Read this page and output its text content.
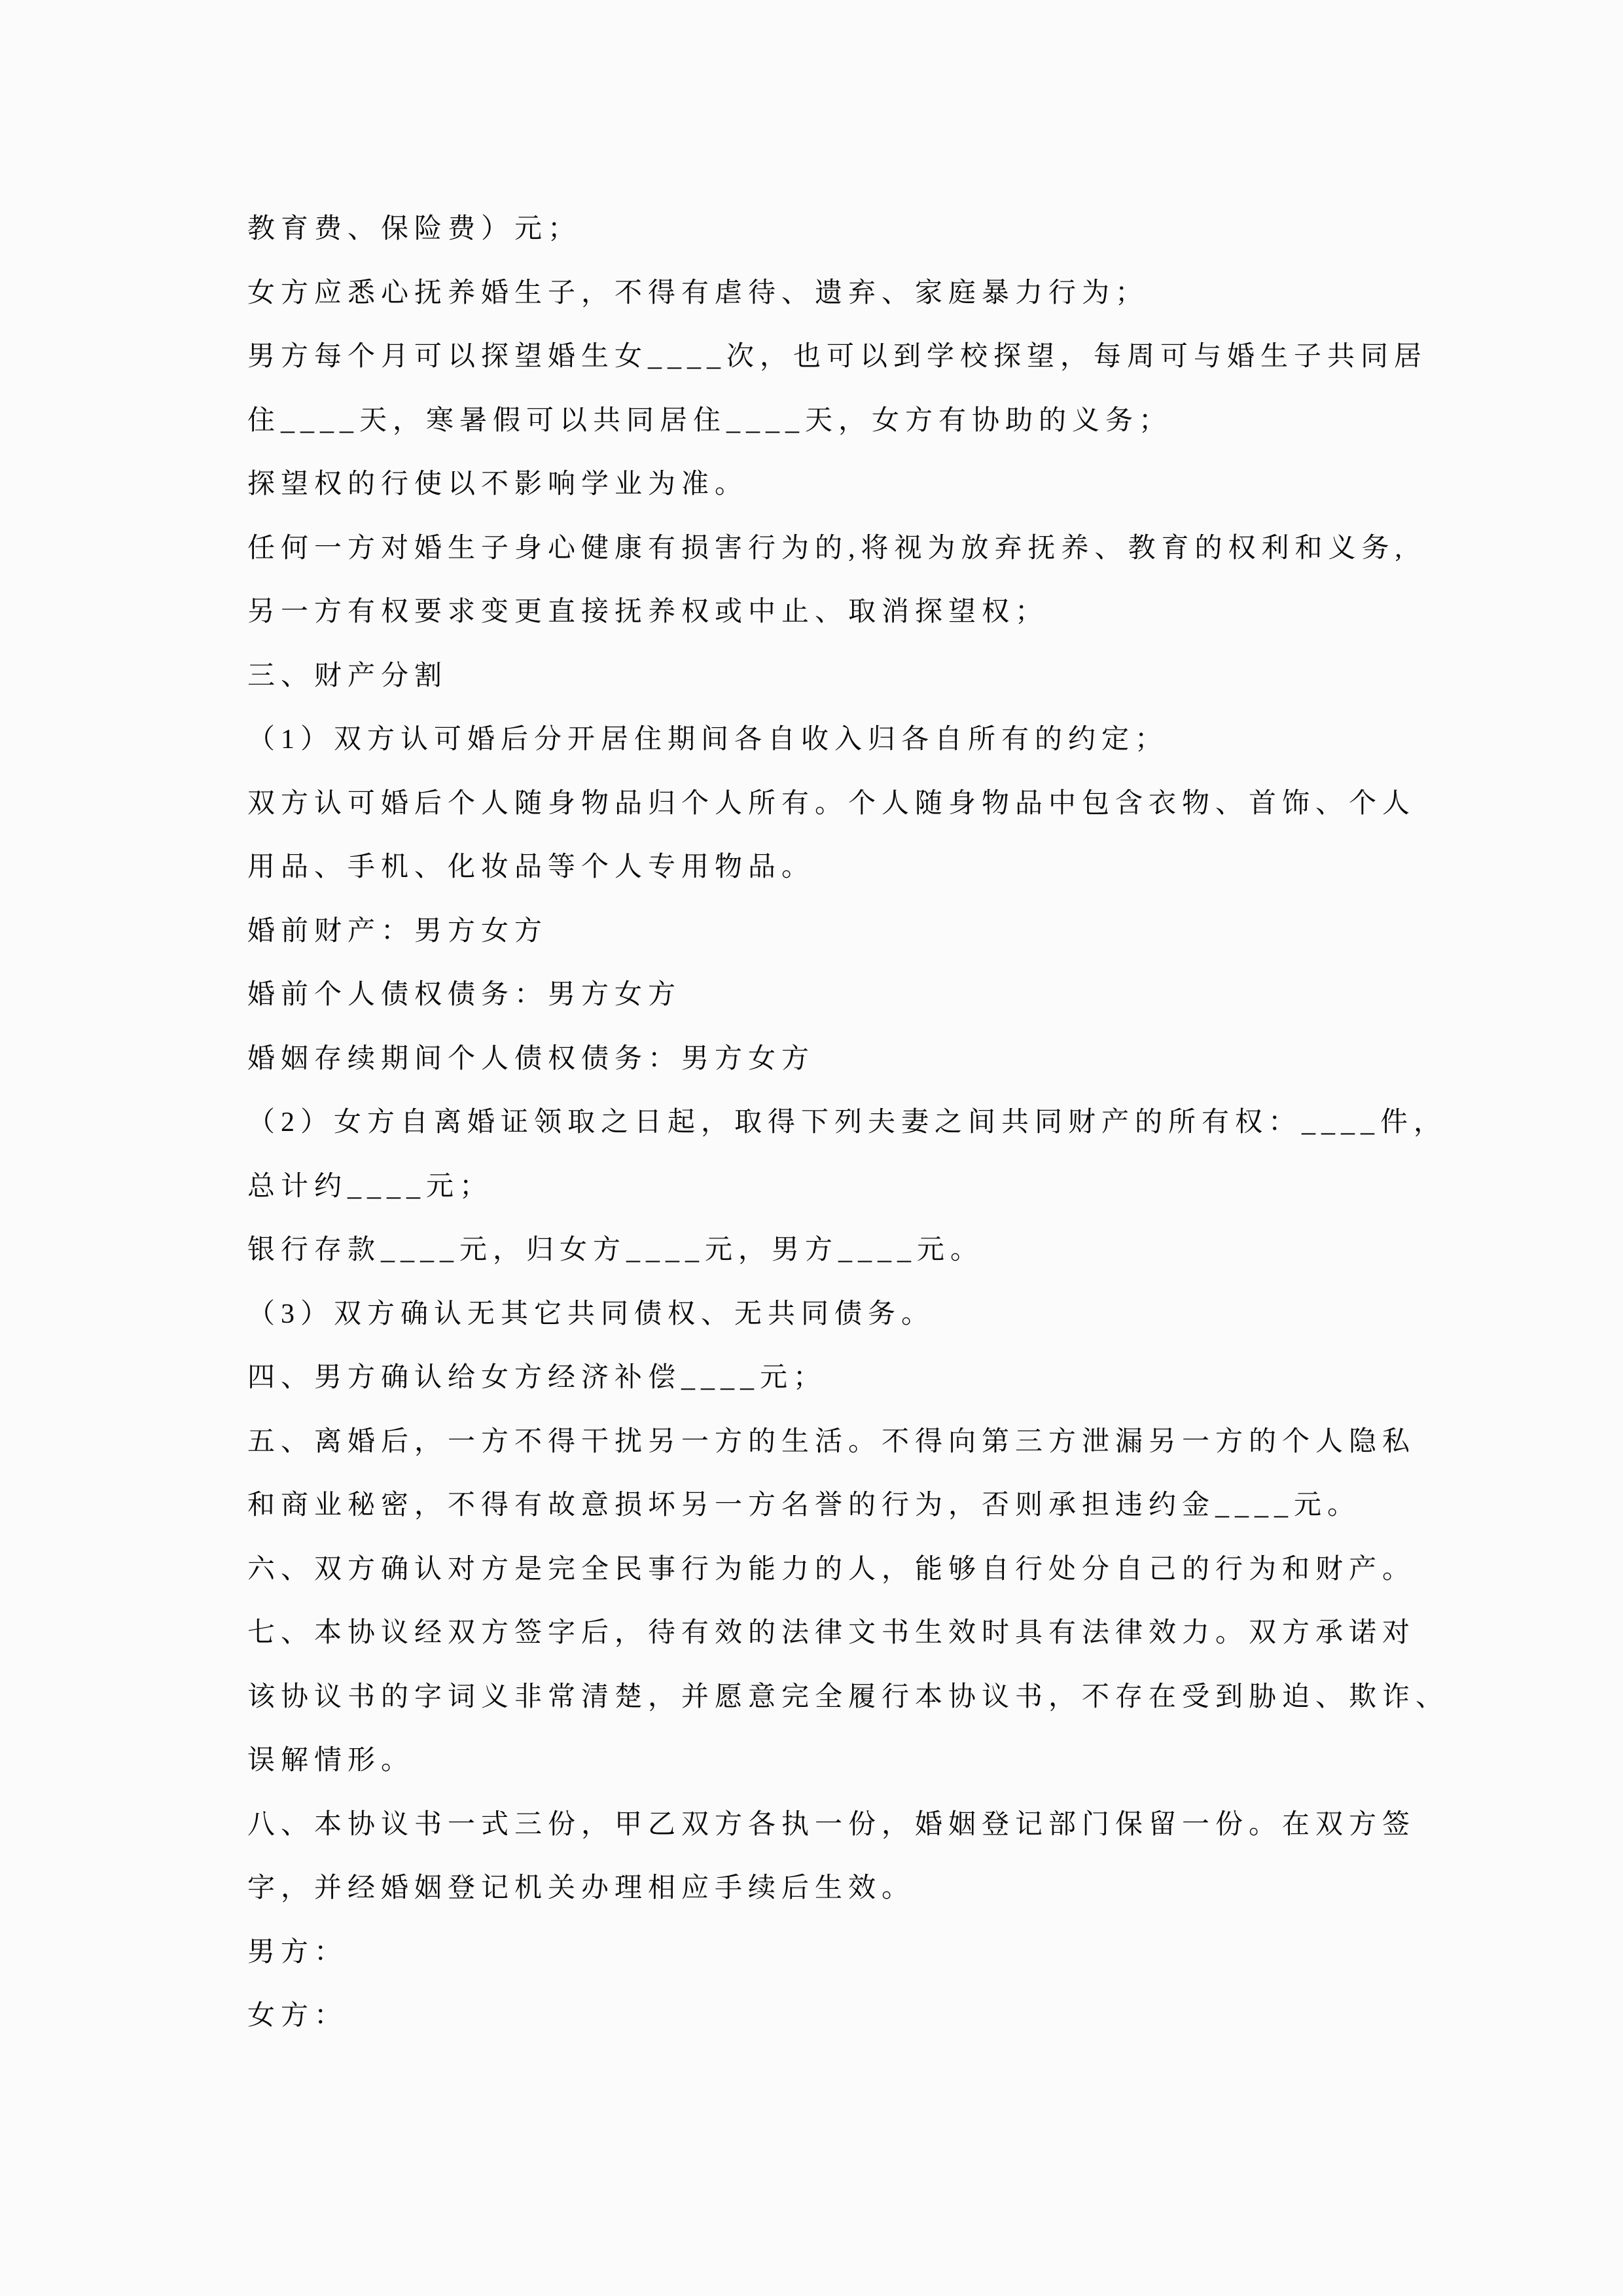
教育费、保险费）元；
女方应悉心抚养婚生子，不得有虐待、遗弃、家庭暴力行为；
男方每个月可以探望婚生女____次，也可以到学校探望，每周可与婚生子共同居
住____天，寒暑假可以共同居住____天，女方有协助的义务；
探望权的行使以不影响学业为准。
任何一方对婚生子身心健康有损害行为的,将视为放弃抚养、教育的权利和义务,
另一方有权要求变更直接抚养权或中止、取消探望权；
三、财产分割
（1）双方认可婚后分开居住期间各自收入归各自所有的约定；
双方认可婚后个人随身物品归个人所有。个人随身物品中包含衣物、首饰、个人
用品、手机、化妆品等个人专用物品。
婚前财产：男方女方
婚前个人债权债务：男方女方
婚姻存续期间个人债权债务：男方女方
（2）女方自离婚证领取之日起，取得下列夫妻之间共同财产的所有权：____件，
总计约____元；
银行存款____元，归女方____元，男方____元。
（3）双方确认无其它共同债权、无共同债务。
四、男方确认给女方经济补偿____元；
五、离婚后，一方不得干扰另一方的生活。不得向第三方泄漏另一方的个人隐私
和商业秘密，不得有故意损坏另一方名誉的行为，否则承担违约金____元。
六、双方确认对方是完全民事行为能力的人，能够自行处分自己的行为和财产。
七、本协议经双方签字后，待有效的法律文书生效时具有法律效力。双方承诺对
该协议书的字词义非常清楚，并愿意完全履行本协议书，不存在受到胁迫、欺诈、
误解情形。
八、本协议书一式三份，甲乙双方各执一份，婚姻登记部门保留一份。在双方签
字，并经婚姻登记机关办理相应手续后生效。
男方：
女方：
